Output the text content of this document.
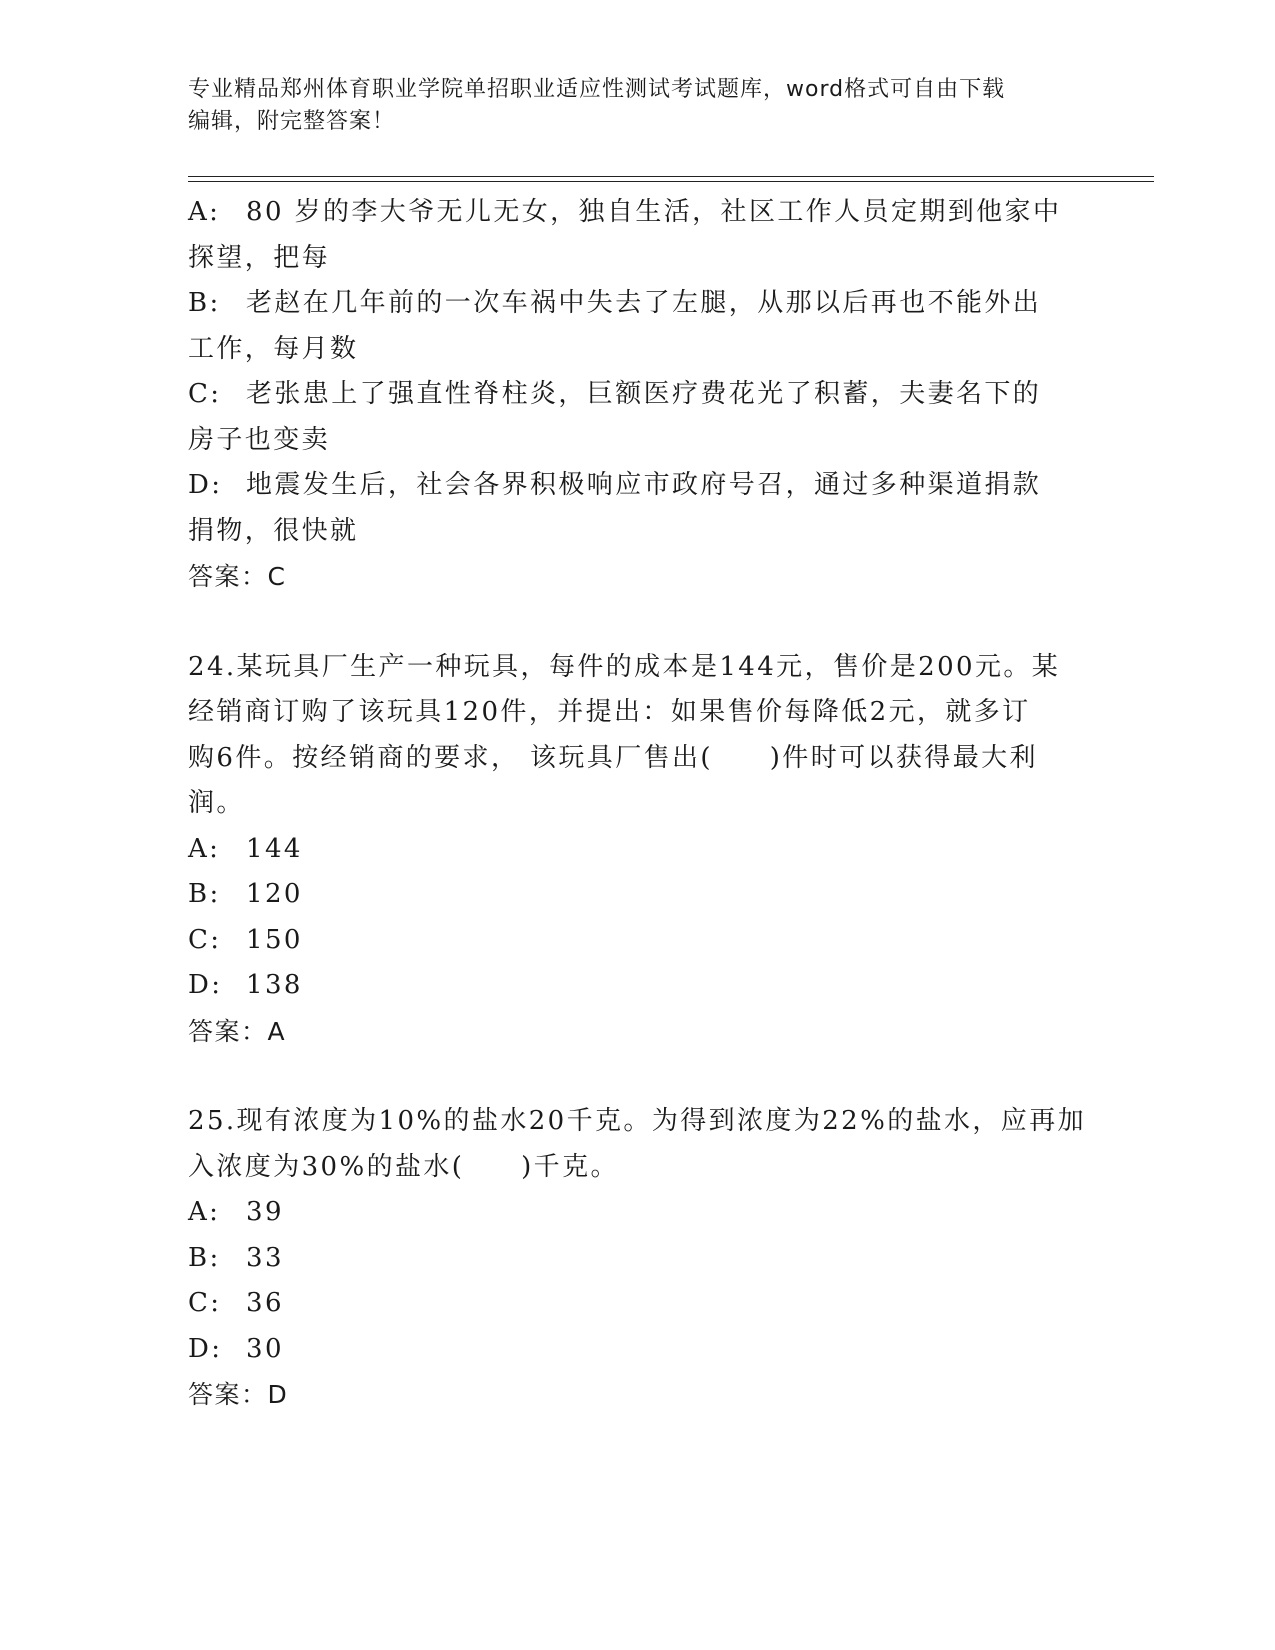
专业精品郑州体育职业学院单招职业适应性测试考试题库，word格式可自由下载
编辑，附完整答案！
A: 80 岁的李大爷无儿无女，独自生活，社区工作人员定期到他家中
探望，把每
B: 老赵在几年前的一次车祸中失去了左腿，从那以后再也不能外出
工作，每月数
C: 老张患上了强直性脊柱炎，巨额医疗费花光了积蓄，夫妻名下的
房子也变卖
D: 地震发生后，社会各界积极响应市政府号召，通过多种渠道捐款
捐物，很快就
答案：C
24.某玩具厂生产一种玩具，每件的成本是144元，售价是200元。某
经销商订购了该玩具120件，并提出：如果售价每降低2元，就多订
购6件。按经销商的要求， 该玩具厂售出(　　)件时可以获得最大利
润。
A: 144
B: 120
C: 150
D: 138
答案：A
25.现有浓度为10%的盐水20千克。为得到浓度为22%的盐水，应再加
入浓度为30%的盐水(　　)千克。
A: 39
B: 33
C: 36
D: 30
答案：D
